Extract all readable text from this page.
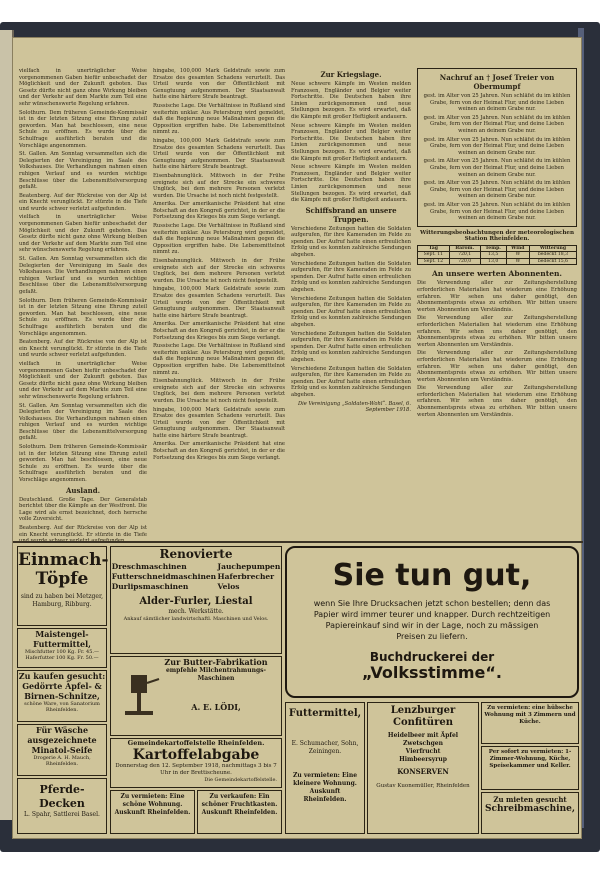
vielfach in unerträglicher Weise vorgenommenen Gaben hiefür unbeschadet der Möglichkeit und der Zukunft geboten. Das Gesetz dürfte nicht ganz ohne Wirkung bleiben und der Verkehr auf dem Markte zum Teil eine sehr wünschenswerte Regelung erfahren.

Solothurn. Dem früheren Gemeinde-Kommissär ist in der letzten Sitzung eine Ehrung zuteil geworden. Man hat beschlossen, eine neue Schule zu eröffnen. Es wurde über die Schulfrage ausführlich beraten und die Vorschläge angenommen.

St. Gallen. Am Sonntag versammelten sich die Delegierten der Vereinigung im Saale des Volkshauses. Die Verhandlungen nahmen einen ruhigen Verlauf und es wurden wichtige Beschlüsse über die Lebensmittelversorgung gefaßt.

Beatenberg. Auf der Rückreise von der Alp ist ein Knecht verunglückt. Er stürzte in die Tiefe und wurde schwer verletzt aufgefunden.

vielfach in unerträglicher Weise vorgenommenen Gaben hiefür unbeschadet der Möglichkeit und der Zukunft geboten. Das Gesetz dürfte nicht ganz ohne Wirkung bleiben und der Verkehr auf dem Markte zum Teil eine sehr wünschenswerte Regelung erfahren.

St. Gallen. Am Sonntag versammelten sich die Delegierten der Vereinigung im Saale des Volkshauses. Die Verhandlungen nahmen einen ruhigen Verlauf und es wurden wichtige Beschlüsse über die Lebensmittelversorgung gefaßt.

Solothurn. Dem früheren Gemeinde-Kommissär ist in der letzten Sitzung eine Ehrung zuteil geworden. Man hat beschlossen, eine neue Schule zu eröffnen. Es wurde über die Schulfrage ausführlich beraten und die Vorschläge angenommen.

Beatenberg. Auf der Rückreise von der Alp ist ein Knecht verunglückt. Er stürzte in die Tiefe und wurde schwer verletzt aufgefunden.

vielfach in unerträglicher Weise vorgenommenen Gaben hiefür unbeschadet der Möglichkeit und der Zukunft geboten. Das Gesetz dürfte nicht ganz ohne Wirkung bleiben und der Verkehr auf dem Markte zum Teil eine sehr wünschenswerte Regelung erfahren.

St. Gallen. Am Sonntag versammelten sich die Delegierten der Vereinigung im Saale des Volkshauses. Die Verhandlungen nahmen einen ruhigen Verlauf und es wurden wichtige Beschlüsse über die Lebensmittelversorgung gefaßt.

Solothurn. Dem früheren Gemeinde-Kommissär ist in der letzten Sitzung eine Ehrung zuteil geworden. Man hat beschlossen, eine neue Schule zu eröffnen. Es wurde über die Schulfrage ausführlich beraten und die Vorschläge angenommen.

Ausland.

Deutschland. Große Tage. Der Generalstab berichtet über die Kämpfe an der Westfront. Die Lage wird als ernst bezeichnet, doch herrsche volle Zuversicht.

Beatenberg. Auf der Rückreise von der Alp ist ein Knecht verunglückt. Er stürzte in die Tiefe

hingabe, 100,000 Mark Geldstrafe sowie zum Ersatze des gesamten Schadens verurteilt. Das Urteil wurde von der Öffentlichkeit mit Genugtuung aufgenommen. Der Staatsanwalt hatte eine härtere Strafe beantragt.

Russische Lage. Die Verhältnisse in Rußland sind weiterhin unklar. Aus Petersburg wird gemeldet, daß die Regierung neue Maßnahmen gegen die Opposition ergriffen habe. Die Lebensmittelnot nimmt zu.

hingabe, 100,000 Mark Geldstrafe sowie zum Ersatze des gesamten Schadens verurteilt. Das Urteil wurde von der Öffentlichkeit mit Genugtuung aufgenommen. Der Staatsanwalt hatte eine härtere Strafe beantragt.

Eisenbahnunglück. Mittwoch in der Frühe ereignete sich auf der Strecke ein schweres Unglück, bei dem mehrere Personen verletzt wurden. Die Ursache ist noch nicht festgestellt.

Amerika. Der amerikanische Präsident hat eine Botschaft an den Kongreß gerichtet, in der er die Fortsetzung des Krieges bis zum Siege verlangt.

Russische Lage. Die Verhältnisse in Rußland sind weiterhin unklar. Aus Petersburg wird gemeldet, daß die Regierung neue Maßnahmen gegen die Opposition ergriffen habe. Die Lebensmittelnot nimmt zu.

Eisenbahnunglück. Mittwoch in der Frühe ereignete sich auf der Strecke ein schweres Unglück, bei dem mehrere Personen verletzt wurden. Die Ursache ist noch nicht festgestellt.

hingabe, 100,000 Mark Geldstrafe sowie zum Ersatze des gesamten Schadens verurteilt. Das Urteil wurde von der Öffentlichkeit mit Genugtuung aufgenommen. Der Staatsanwalt hatte eine härtere Strafe beantragt.

Amerika. Der amerikanische Präsident hat eine Botschaft an den Kongreß gerichtet, in der er die Fortsetzung des Krieges bis zum Siege verlangt.

Russische Lage. Die Verhältnisse in Rußland sind weiterhin unklar. Aus Petersburg wird gemeldet, daß die Regierung neue Maßnahmen gegen die Opposition ergriffen habe. Die Lebensmittelnot nimmt zu.

Eisenbahnunglück. Mittwoch in der Frühe ereignete sich auf der Strecke ein schweres Unglück, bei dem mehrere Personen verletzt wurden. Die Ursache ist noch nicht festgestellt.

hingabe, 100,000 Mark Geldstrafe sowie zum Ersatze des gesamten Schadens verurteilt. Das Urteil wurde von der Öffentlichkeit mit Genugtuung aufgenommen. Der Staatsanwalt hatte eine härtere Strafe beantragt.

Amerika. Der amerikanische Präsident hat eine Botschaft an den Kongreß gerichtet, in der er die Fortsetzung des Krieges bis zum Siege verlangt.

Zur Kriegslage.

Neue schwere Kämpfe im Westen melden Franzosen, Engländer und Belgier weiter Fortschritte. Die Deutschen haben ihre Linien zurückgenommen und neue Stellungen bezogen. Es wird erwartet, daß die Kämpfe mit großer Heftigkeit andauern.

Neue schwere Kämpfe im Westen melden Franzosen, Engländer und Belgier weiter Fortschritte. Die Deutschen haben ihre Linien zurückgenommen und neue Stellungen bezogen. Es wird erwartet, daß die Kämpfe mit großer Heftigkeit andauern.

Neue schwere Kämpfe im Westen melden Franzosen, Engländer und Belgier weiter Fortschritte. Die Deutschen haben ihre Linien zurückgenommen und neue Stellungen bezogen. Es wird erwartet, daß die Kämpfe mit großer Heftigkeit andauern.

Schiffsbrand an unsere Truppen.

Verschiedene Zeitungen hatten die Soldaten aufgerufen, für ihre Kameraden im Felde zu spenden. Der Aufruf hatte einen erfreulichen Erfolg und es konnten zahlreiche Sendungen abgehen.

Verschiedene Zeitungen hatten die Soldaten aufgerufen, für ihre Kameraden im Felde zu spenden. Der Aufruf hatte einen erfreulichen Erfolg und es konnten zahlreiche Sendungen abgehen.

Verschiedene Zeitungen hatten die Soldaten aufgerufen, für ihre Kameraden im Felde zu spenden. Der Aufruf hatte einen erfreulichen Erfolg und es konnten zahlreiche Sendungen abgehen.

Verschiedene Zeitungen hatten die Soldaten aufgerufen, für ihre Kameraden im Felde zu spenden. Der Aufruf hatte einen erfreulichen Erfolg und es konnten zahlreiche Sendungen abgehen.

Verschiedene Zeitungen hatten die Soldaten aufgerufen, für ihre Kameraden im Felde zu spenden. Der Aufruf hatte einen erfreulichen Erfolg und es konnten zahlreiche Sendungen abgehen.

Die Vereinigung „Soldaten-Wohl“. Basel, 6. September 1918.

Nachruf an † Josef Treier von Obermumpf

gest. im Alter von 25 Jahren. Nun schläfst du im kühlen Grabe, fern von der Heimat Flur, und deine Lieben weinen an deinem Grabe nur.

gest. im Alter von 25 Jahren. Nun schläfst du im kühlen Grabe, fern von der Heimat Flur, und deine Lieben weinen an deinem Grabe nur.

gest. im Alter von 25 Jahren. Nun schläfst du im kühlen Grabe, fern von der Heimat Flur, und deine Lieben weinen an deinem Grabe nur.

gest. im Alter von 25 Jahren. Nun schläfst du im kühlen Grabe, fern von der Heimat Flur, und deine Lieben weinen an deinem Grabe nur.

gest. im Alter von 25 Jahren. Nun schläfst du im kühlen Grabe, fern von der Heimat Flur, und deine Lieben weinen an deinem Grabe nur.

gest. im Alter von 25 Jahren. Nun schläfst du im kühlen Grabe, fern von der Heimat Flur, und deine Lieben weinen an deinem Grabe nur.

Witterungsbeobachtungen der meteorologischen Station Rheinfelden.
Tag	Barom.	Temp.	Wind	Witterung
Sept. 11	720,1	13,5	W	bedeckt 18,3
Sept. 12	720,0	13,0	W	bedeckt 15,6
An unsere werten Abonnenten.

Die Verwendung aller zur Zeitungsherstellung erforderlichen Materialien hat wiederum eine Erhöhung erfahren. Wir sehen uns daher genötigt, den Abonnementspreis etwas zu erhöhen. Wir bitten unsere werten Abonnenten um Verständnis.

Die Verwendung aller zur Zeitungsherstellung erforderlichen Materialien hat wiederum eine Erhöhung erfahren. Wir sehen uns daher genötigt, den Abonnementspreis etwas zu erhöhen. Wir bitten unsere werten Abonnenten um Verständnis.

Die Verwendung aller zur Zeitungsherstellung erforderlichen Materialien hat wiederum eine Erhöhung erfahren. Wir sehen uns daher genötigt, den Abonnementspreis etwas zu erhöhen. Wir bitten unsere werten Abonnenten um Verständnis.

Die Verwendung aller zur Zeitungsherstellung erforderlichen Materialien hat wiederum eine Erhöhung erfahren. Wir sehen uns daher genötigt, den Abonnementspreis etwas zu erhöhen. Wir bitten unsere werten Abonnenten um Verständnis.

Einmach-Töpfe
sind zu haben bei Metzger, Hamburg, Ribburg.
Maistengel-Futtermittel,
Mischfutter 100 Kg. Fr. 45.— Haferfutter 100 Kg. Fr. 50.—
Zu kaufen gesucht: Gedörrte Äpfel- & Birnen-Schnitze,
schöne Ware, von Sanatorium Rheinfelden.
Für Wäsche ausgezeichnete Minatol-Seife
Drogerie A. H. Mauch, Rheinfelden.
Pferde-Decken
L. Spahr, Sattlerei Basel.
Renovierte
Dreschmaschinen
Futterschneidmaschinen
Durlipsmaschinen
Jauchepumpen
Haferbrecher
Velos
Alder-Furler, Liestal
mech. Werkstätte.
Ankauf sämtlicher landwirtschaftl. Maschinen und Velos.
Zur Butter-Fabrikation
empfehle Milchentrahmungs-Maschinen
A. E. LÖDI,
Gemeindekartoffelstelle Rheinfelden.
Kartoffelabgabe
Donnerstag den 12. September 1918, nachmittags 3 bis 7 Uhr in der Brettischeune.
Die Gemeindekartoffelstelle.
Zu vermieten: Eine schöne Wohnung. Auskunft Rheinfelden.
Zu verkaufen: Ein schöner Fruchtkasten. Auskunft Rheinfelden.
Sie tun gut,
wenn Sie Ihre Drucksachen jetzt schon bestellen; denn das Papier wird immer teurer und knapper. Durch rechtzeitigen Papiereinkauf sind wir in der Lage, noch zu mässigen Preisen zu liefern.
Buchdruckerei der
„Volksstimme“.
Futtermittel,
E. Schumacher, Sohn, Zeiningen.
Zu vermieten: Eine kleinere Wohnung. Auskunft Rheinfelden.
Lenzburger Confitüren
Heidelbeer mit Äpfel
Zwetschgen
Vierfrucht
Himbeersyrup
KONSERVEN
Gustav Kuonemüller, Rheinfelden
Zu vermieten: eine hübsche Wohnung mit 3 Zimmern und Küche.
Per sofort zu vermieten: 1-Zimmer-Wohnung, Küche, Speisekammer und Keller.
Zu mieten gesucht
Schreibmaschine,
